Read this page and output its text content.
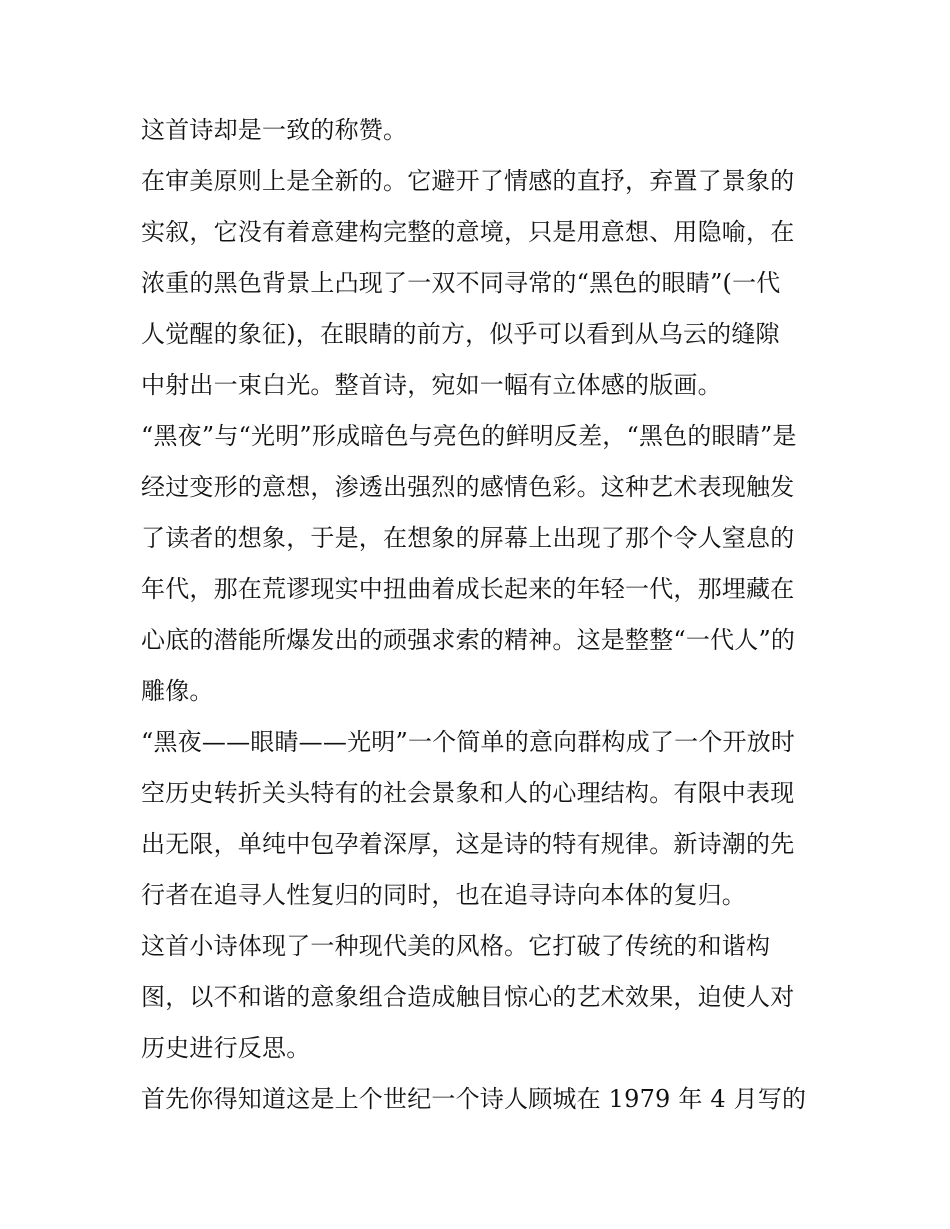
这首诗却是一致的称赞。

在审美原则上是全新的。它避开了情感的直抒，弃置了景象的
实叙，它没有着意建构完整的意境，只是用意想、用隐喻，在
浓重的黑色背景上凸现了一双不同寻常的“黑色的眼睛”(一代
人觉醒的象征)，在眼睛的前方，似乎可以看到从乌云的缝隙
中射出一束白光。整首诗，宛如一幅有立体感的版画。

“黑夜”与“光明”形成暗色与亮色的鲜明反差，“黑色的眼睛”是
经过变形的意想，渗透出强烈的感情色彩。这种艺术表现触发
了读者的想象，于是，在想象的屏幕上出现了那个令人窒息的
年代，那在荒谬现实中扭曲着成长起来的年轻一代，那埋藏在
心底的潜能所爆发出的顽强求索的精神。这是整整“一代人”的
雕像。

“黑夜——眼睛——光明”一个简单的意向群构成了一个开放时
空历史转折关头特有的社会景象和人的心理结构。有限中表现
出无限，单纯中包孕着深厚，这是诗的特有规律。新诗潮的先
行者在追寻人性复归的同时，也在追寻诗向本体的复归。

这首小诗体现了一种现代美的风格。它打破了传统的和谐构
图，以不和谐的意象组合造成触目惊心的艺术效果，迫使人对
历史进行反思。

首先你得知道这是上个世纪一个诗人顾城在 1979 年 4 月写的
